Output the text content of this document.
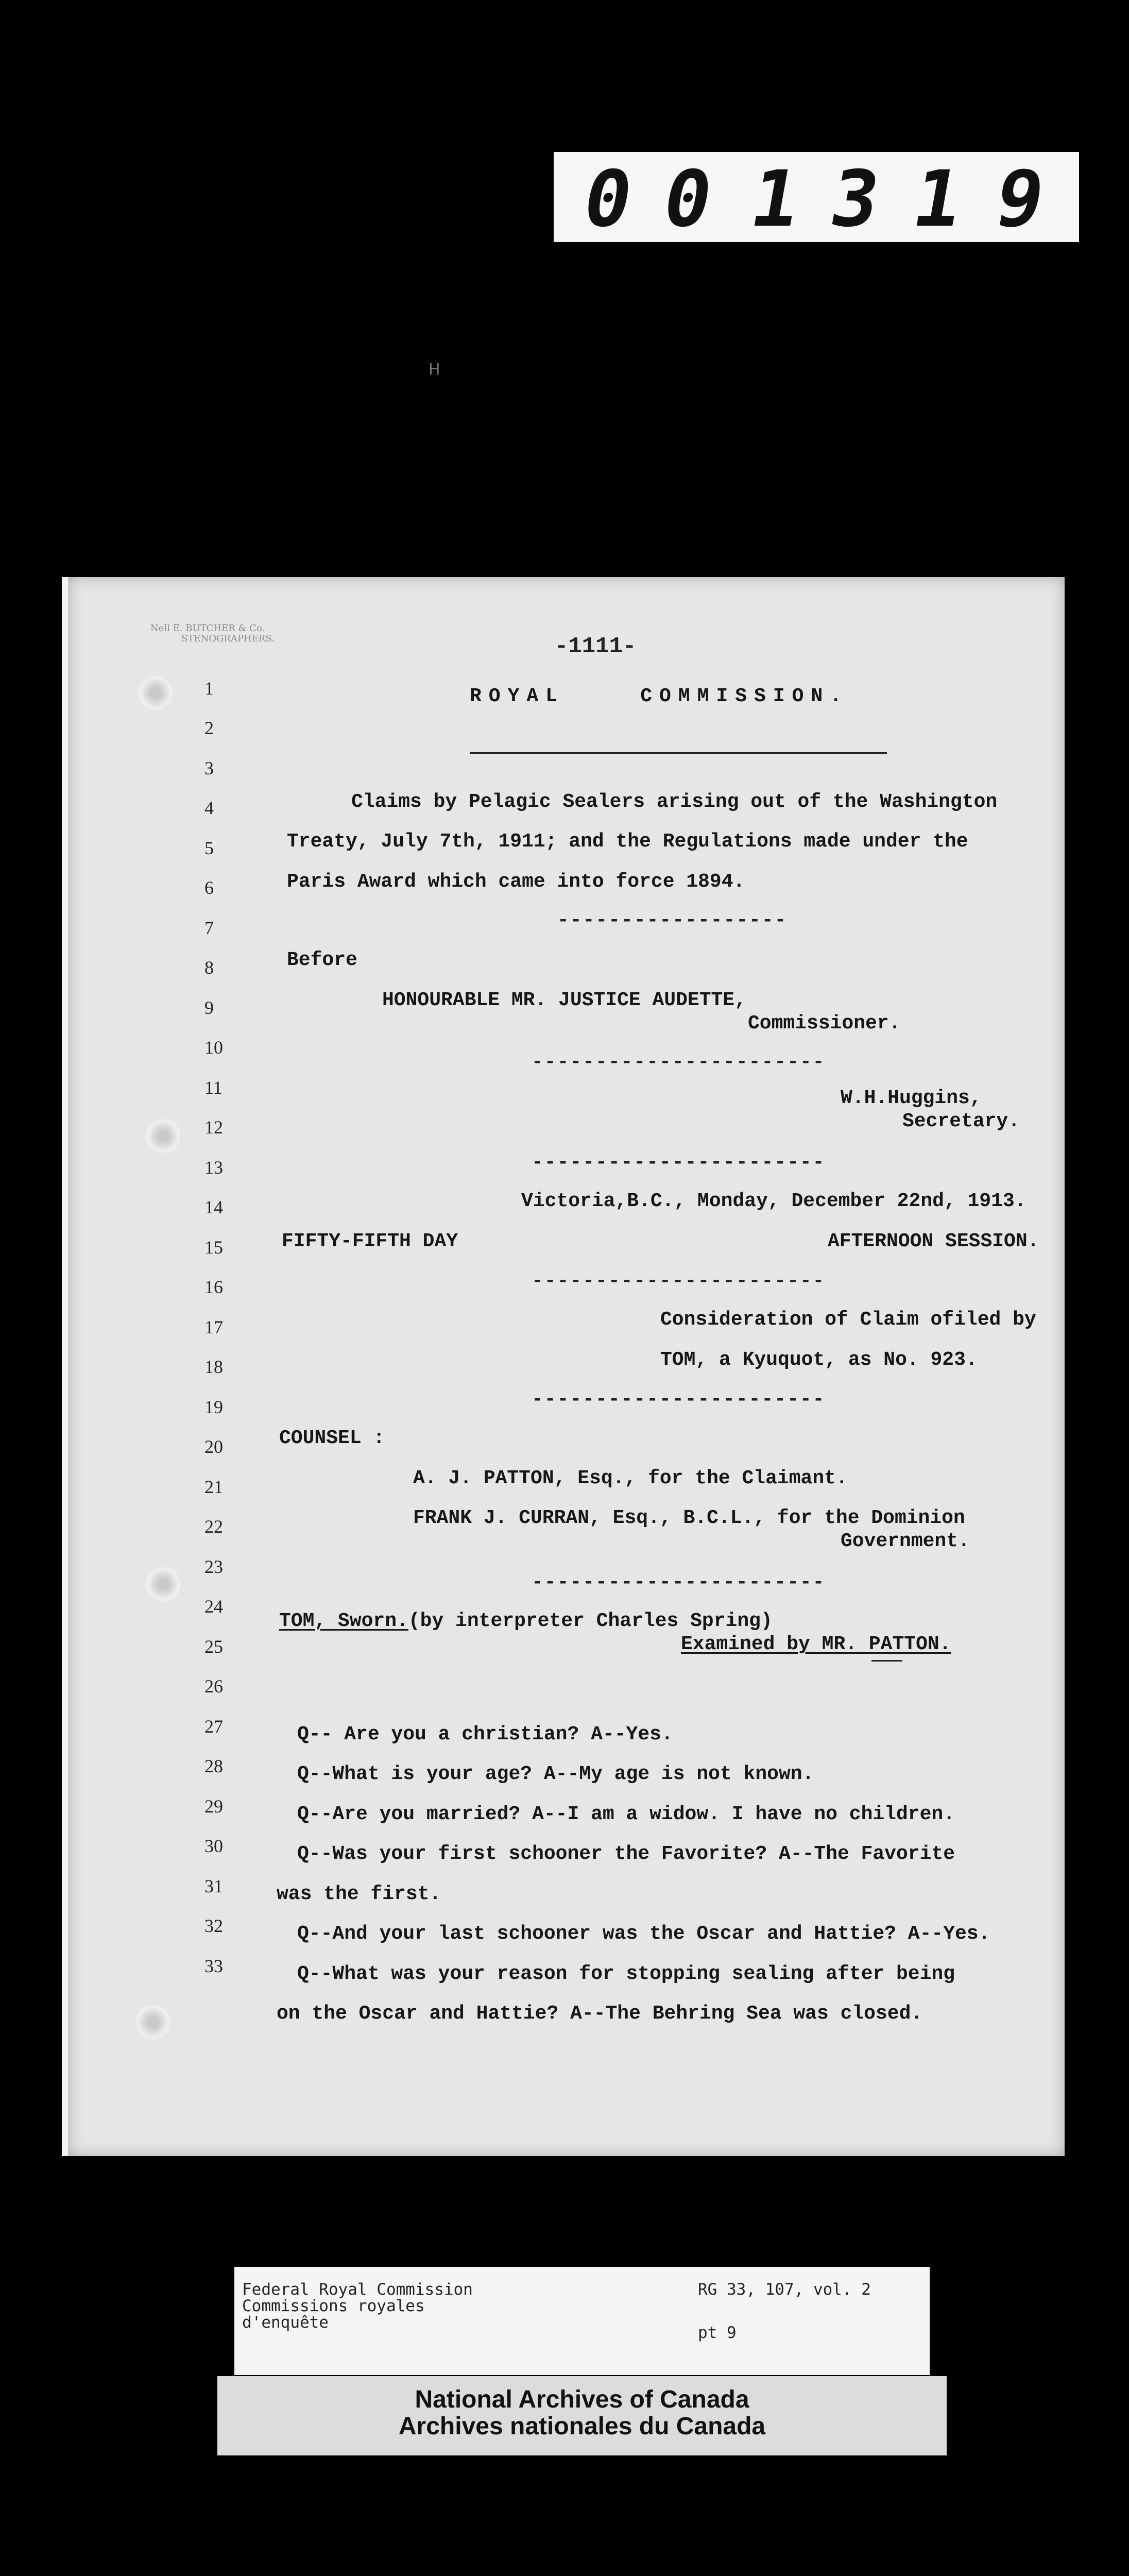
0 0 1 3 1 9
H
Nell E. BUTCHER & Co.
STENOGRAPHERS.	-1111-
1
2
3
4
5
6
7
8
9
10
11
12
13
14
15
16
17
18
19
20
21
22
23
24
25
26
27
28
29
30
31
32
33
ROYAL    COMMISSION.
Claims by Pelagic Sealers arising out of the Washington
Treaty, July 7th, 1911; and the Regulations made under the
Paris Award which came into force 1894.
------------------
Before
HONOURABLE MR. JUSTICE AUDETTE,
Commissioner.
-----------------------
W.H.Huggins,
Secretary.
-----------------------
Victoria,B.C., Monday, December 22nd, 1913.
FIFTY-FIFTH DAY	AFTERNOON SESSION.
-----------------------
Consideration of Claim ofiled by
TOM, a Kyuquot, as No. 923.
-----------------------
COUNSEL :
A. J. PATTON, Esq., for the Claimant.
FRANK J. CURRAN, Esq., B.C.L., for the Dominion
Government.
-----------------------
TOM, Sworn.(by interpreter Charles Spring)
Examined by MR. PATTON.
Q-- Are you a christian? A--Yes.
Q--What is your age? A--My age is not known.
Q--Are you married? A--I am a widow. I have no children.
Q--Was your first schooner the Favorite? A--The Favorite
was the first.
Q--And your last schooner was the Oscar and Hattie? A--Yes.
Q--What was your reason for stopping sealing after being
on the Oscar and Hattie? A--The Behring Sea was closed.
Federal Royal Commission
Commissions royales
d'enquête
RG 33, 107, vol. 2
pt 9
National Archives of Canada
Archives nationales du Canada
